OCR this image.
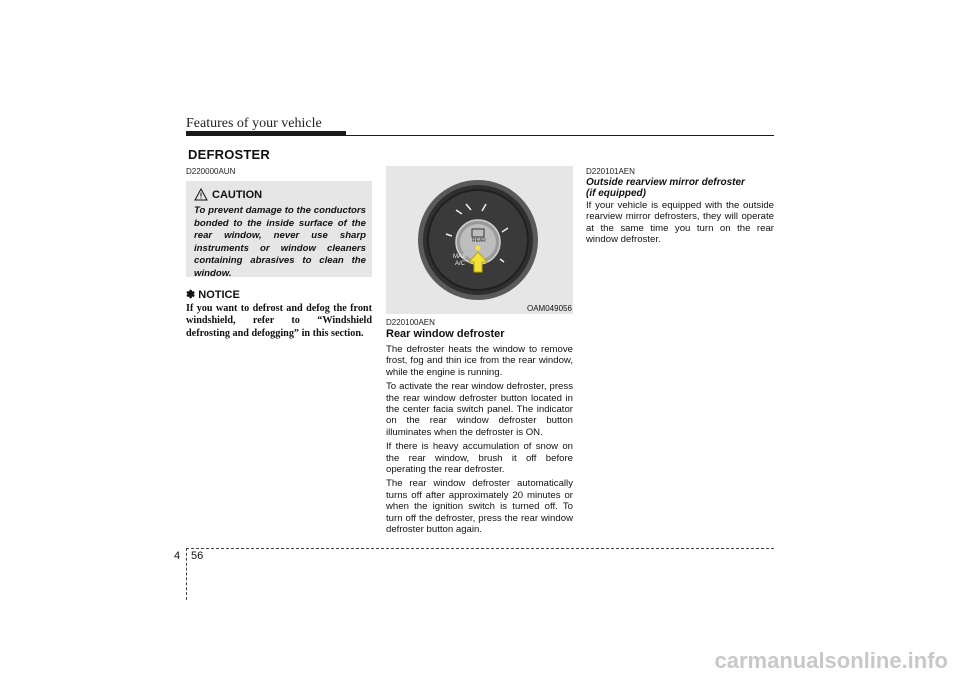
Features of your vehicle
DEFROSTER
D220000AUN
CAUTION
To prevent damage to the conductors bonded to the inside surface of the rear window, never use sharp instruments or window cleaners containing abrasives to clean the window.
✽ NOTICE
If you want to defrost and defog the front windshield, refer to “Windshield defrosting and defogging” in this section.
REAR
MAX
A/C
OAM049056
D220100AEN
Rear window defroster

The defroster heats the window to remove frost, fog and thin ice from the rear window, while the engine is running.

To activate the rear window defroster, press the rear window defroster button located in the center facia switch panel. The indicator on the rear window defroster button illuminates when the defroster is ON.

If there is heavy accumulation of snow on the rear window, brush it off before operating the rear defroster.

The rear window defroster automatically turns off after approximately 20 minutes or when the ignition switch is turned off. To turn off the defroster, press the rear window defroster button again.

D220101AEN
Outside rearview mirror defroster
(if equipped)
If your vehicle is equipped with the outside rearview mirror defrosters, they will operate at the same time you turn on the rear window defroster.
4 56
carmanualsonline.info
